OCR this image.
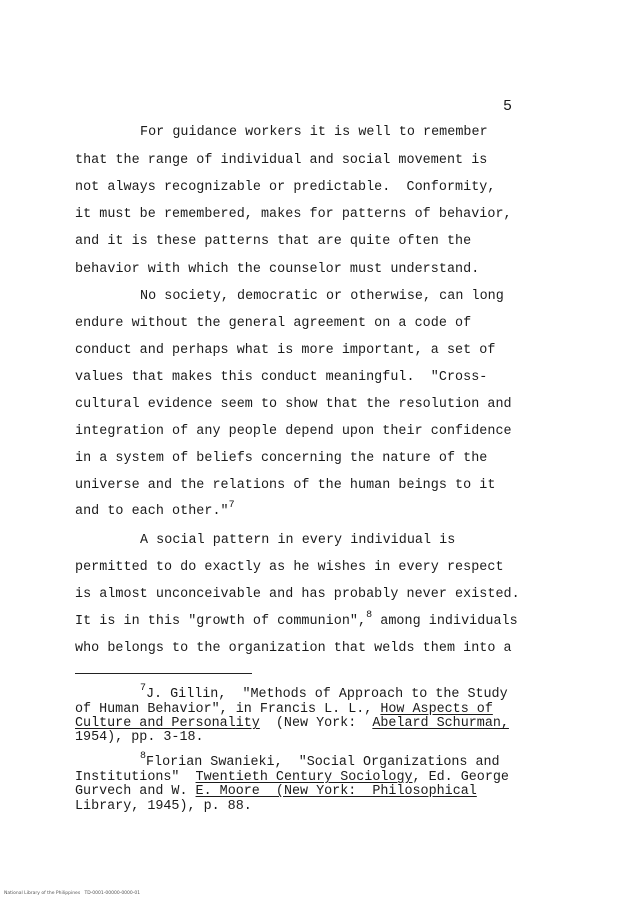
5
For guidance workers it is well to remember
that the range of individual and social movement is
not always recognizable or predictable.  Conformity,
it must be remembered, makes for patterns of behavior,
and it is these patterns that are quite often the
behavior with which the counselor must understand.
No society, democratic or otherwise, can long
endure without the general agreement on a code of
conduct and perhaps what is more important, a set of
values that makes this conduct meaningful.  "Cross-
cultural evidence seem to show that the resolution and
integration of any people depend upon their confidence
in a system of beliefs concerning the nature of the
universe and the relations of the human beings to it
and to each other."$^7$
A social pattern in every individual is
permitted to do exactly as he wishes in every respect
is almost unconceivable and has probably never existed.
It is in this "growth of communion",$^8$ among individuals
who belongs to the organization that welds them into a
$^7$J. Gillin,  "Methods of Approach to the Study
of Human Behavior", in Francis L. L., How Aspects of
Culture and Personality  (New York:  Abelard Schurman,
1954), pp. 3-18.
$^8$Florian Swanieki,  "Social Organizations and
Institutions"  Twentieth Century Sociology, Ed. George
Gurvech and W. E. Moore  (New York:  Philosophical
Library, 1945), p. 88.
National Library of the Philippines   TD-0001-00000-0000-01
